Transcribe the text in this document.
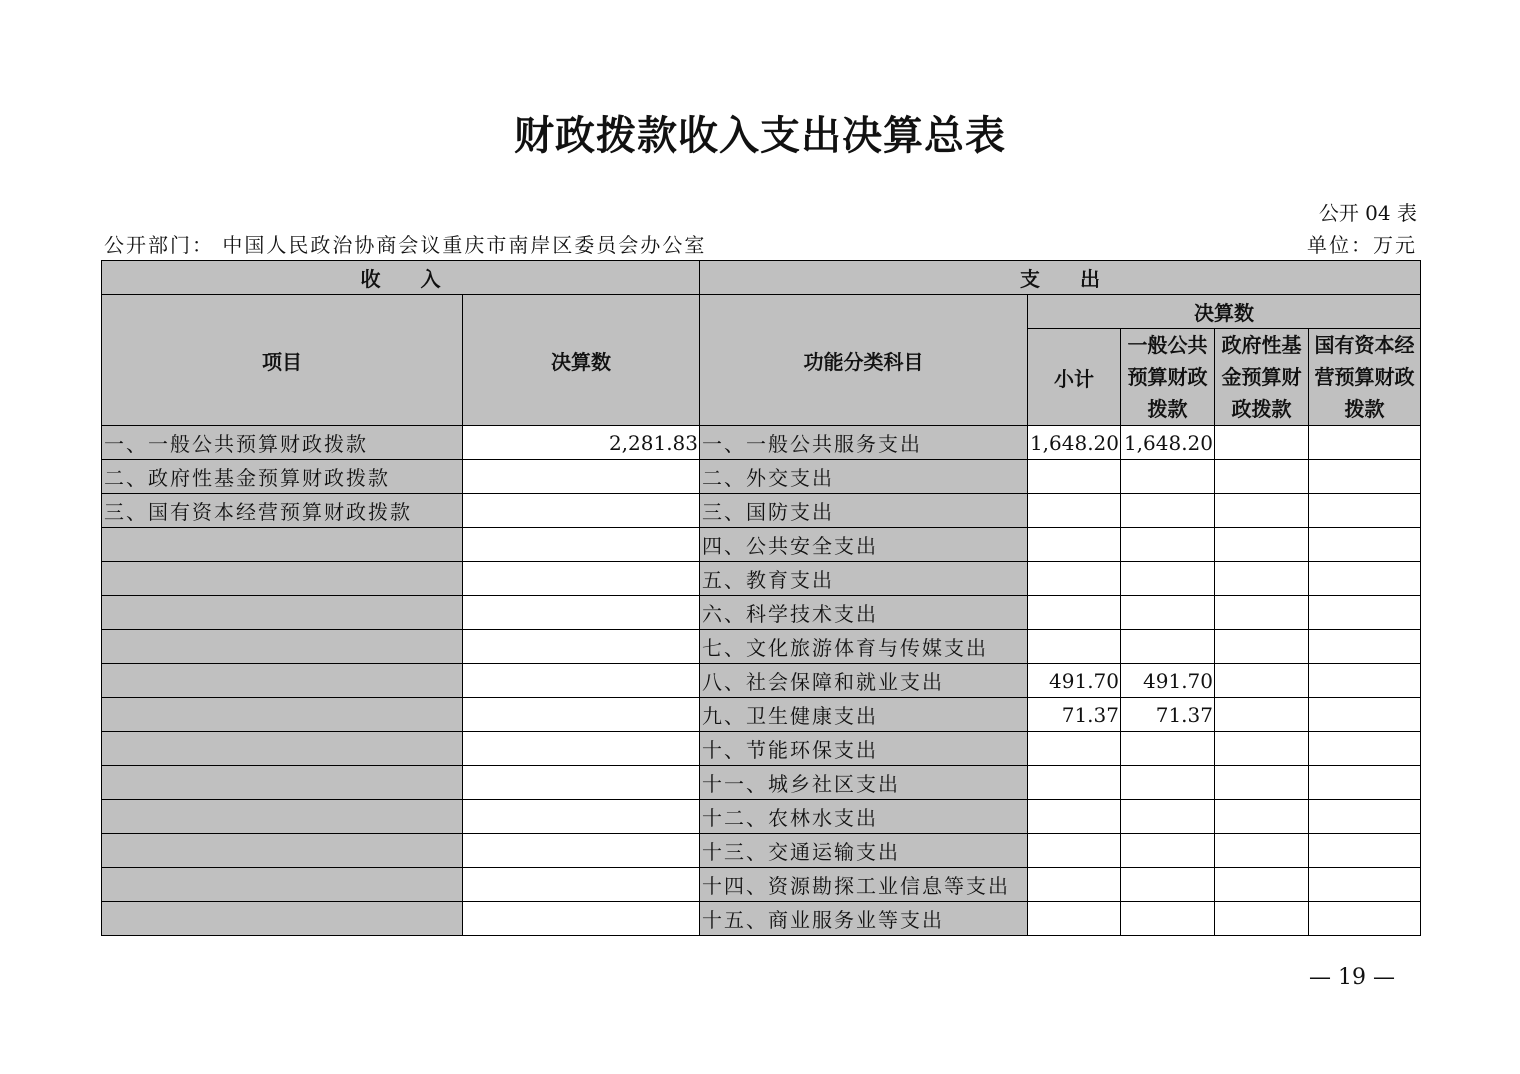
财政拨款收入支出决算总表
公开 04 表
公开部门： 中国人民政治协商会议重庆市南岸区委员会办公室	单位：万元
收　　入		支　　出				
项目	决算数	功能分类科目	决算数			
			小计	一般公共预算财政拨款	政府性基金预算财政拨款	国有资本经营预算财政拨款
一、一般公共预算财政拨款	2,281.83	一、一般公共服务支出	1,648.20	1,648.20		
二、政府性基金预算财政拨款		二、外交支出				
三、国有资本经营预算财政拨款		三、国防支出				
		四、公共安全支出				
		五、教育支出				
		六、科学技术支出				
		七、文化旅游体育与传媒支出				
		八、社会保障和就业支出	491.70	491.70		
		九、卫生健康支出	71.37	71.37		
		十、节能环保支出				
		十一、城乡社区支出				
		十二、农林水支出				
		十三、交通运输支出				
		十四、资源勘探工业信息等支出				
		十五、商业服务业等支出				
— 19 —
